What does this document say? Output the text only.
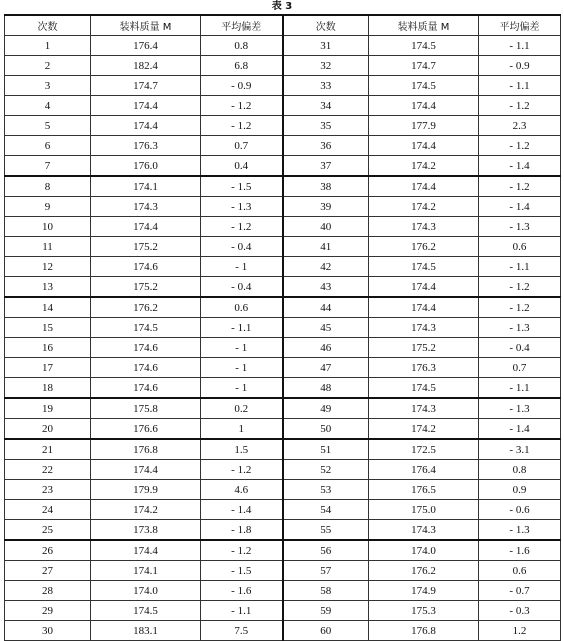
表 3
次数	装料质量 M	平均偏差	次数	装料质量 M	平均偏差
1	176.4	0.8	31	174.5	- 1.1
2	182.4	6.8	32	174.7	- 0.9
3	174.7	- 0.9	33	174.5	- 1.1
4	174.4	- 1.2	34	174.4	- 1.2
5	174.4	- 1.2	35	177.9	2.3
6	176.3	0.7	36	174.4	- 1.2
7	176.0	0.4	37	174.2	- 1.4
8	174.1	- 1.5	38	174.4	- 1.2
9	174.3	- 1.3	39	174.2	- 1.4
10	174.4	- 1.2	40	174.3	- 1.3
11	175.2	- 0.4	41	176.2	0.6
12	174.6	- 1	42	174.5	- 1.1
13	175.2	- 0.4	43	174.4	- 1.2
14	176.2	0.6	44	174.4	- 1.2
15	174.5	- 1.1	45	174.3	- 1.3
16	174.6	- 1	46	175.2	- 0.4
17	174.6	- 1	47	176.3	0.7
18	174.6	- 1	48	174.5	- 1.1
19	175.8	0.2	49	174.3	- 1.3
20	176.6	1	50	174.2	- 1.4
21	176.8	1.5	51	172.5	- 3.1
22	174.4	- 1.2	52	176.4	0.8
23	179.9	4.6	53	176.5	0.9
24	174.2	- 1.4	54	175.0	- 0.6
25	173.8	- 1.8	55	174.3	- 1.3
26	174.4	- 1.2	56	174.0	- 1.6
27	174.1	- 1.5	57	176.2	0.6
28	174.0	- 1.6	58	174.9	- 0.7
29	174.5	- 1.1	59	175.3	- 0.3
30	183.1	7.5	60	176.8	1.2
